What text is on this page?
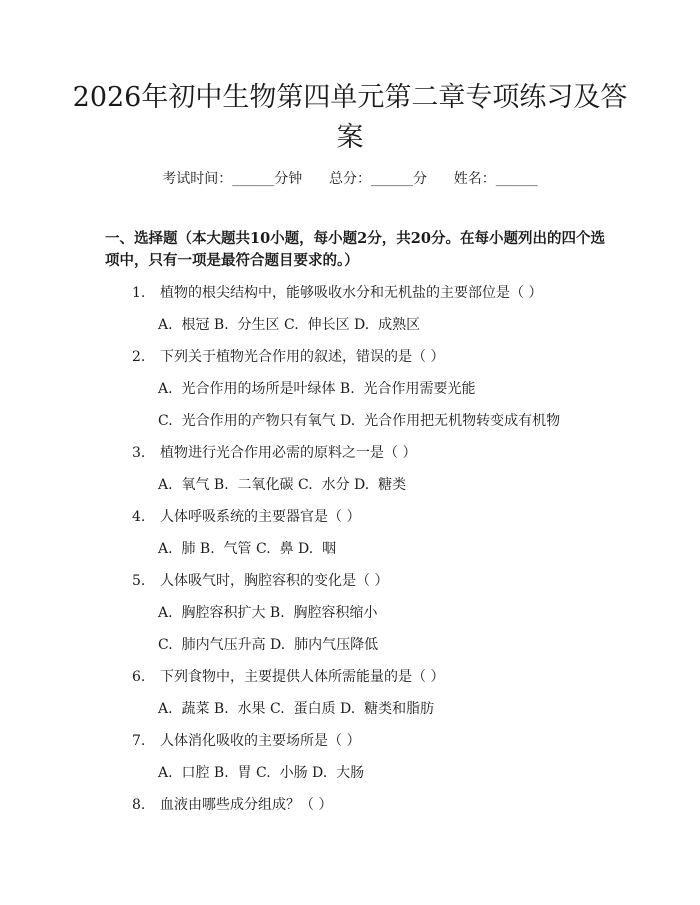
2026年初中生物第四单元第二章专项练习及答案
考试时间：______分钟      总分：______分      姓名：______
一、选择题（本大题共10小题，每小题2分，共20分。在每小题列出的四个选项中，只有一项是最符合题目要求的。）
1. 植物的根尖结构中，能够吸收水分和无机盐的主要部位是（ ）
A.  根冠 B.  分生区 C.  伸长区 D.  成熟区
2. 下列关于植物光合作用的叙述，错误的是（ ）
A.  光合作用的场所是叶绿体 B.  光合作用需要光能
C.  光合作用的产物只有氧气 D.  光合作用把无机物转变成有机物
3. 植物进行光合作用必需的原料之一是（ ）
A.  氧气 B.  二氧化碳 C.  水分 D.  糖类
4. 人体呼吸系统的主要器官是（ ）
A.  肺 B.  气管 C.  鼻 D.  咽
5. 人体吸气时，胸腔容积的变化是（ ）
A.  胸腔容积扩大 B.  胸腔容积缩小
C.  肺内气压升高 D.  肺内气压降低
6. 下列食物中，主要提供人体所需能量的是（ ）
A.  蔬菜 B.  水果 C.  蛋白质 D.  糖类和脂肪
7. 人体消化吸收的主要场所是（ ）
A.  口腔 B.  胃 C.  小肠 D.  大肠
8. 血液由哪些成分组成？（ ）
